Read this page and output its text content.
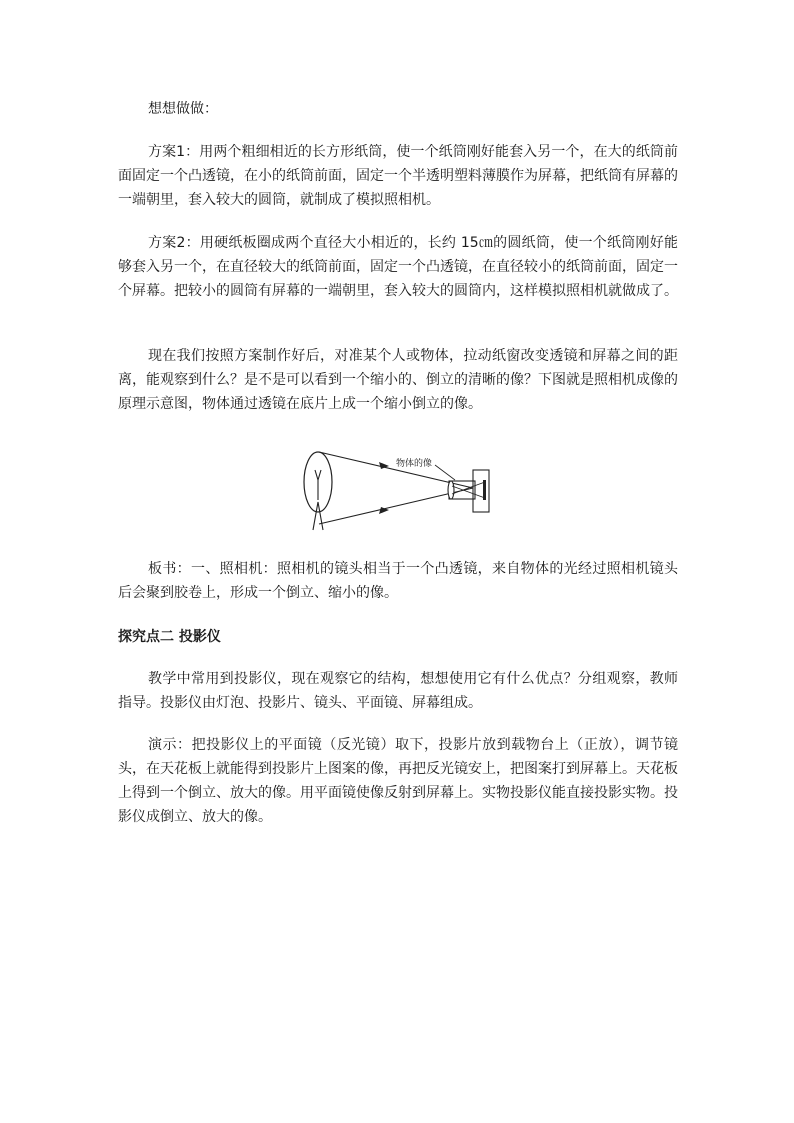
想想做做：

方案1：用两个粗细相近的长方形纸筒，使一个纸筒刚好能套入另一个，在大的纸筒前面固定一个凸透镜，在小的纸筒前面，固定一个半透明塑料薄膜作为屏幕，把纸筒有屏幕的一端朝里，套入较大的圆筒，就制成了模拟照相机。

方案2：用硬纸板圈成两个直径大小相近的，长约 15㎝的圆纸筒，使一个纸筒刚好能够套入另一个，在直径较大的纸筒前面，固定一个凸透镜，在直径较小的纸筒前面，固定一个屏幕。把较小的圆筒有屏幕的一端朝里，套入较大的圆筒内，这样模拟照相机就做成了。

现在我们按照方案制作好后，对准某个人或物体，拉动纸窗改变透镜和屏幕之间的距离，能观察到什么？是不是可以看到一个缩小的、倒立的清晰的像？下图就是照相机成像的原理示意图，物体通过透镜在底片上成一个缩小倒立的像。

物体的像

板书：一、照相机：照相机的镜头相当于一个凸透镜，来自物体的光经过照相机镜头后会聚到胶卷上，形成一个倒立、缩小的像。

探究点二 投影仪

教学中常用到投影仪，现在观察它的结构，想想使用它有什么优点？分组观察，教师指导。投影仪由灯泡、投影片、镜头、平面镜、屏幕组成。

演示：把投影仪上的平面镜（反光镜）取下，投影片放到载物台上（正放），调节镜头，在天花板上就能得到投影片上图案的像，再把反光镜安上，把图案打到屏幕上。天花板上得到一个倒立、放大的像。用平面镜使像反射到屏幕上。实物投影仪能直接投影实物。投影仪成倒立、放大的像。
